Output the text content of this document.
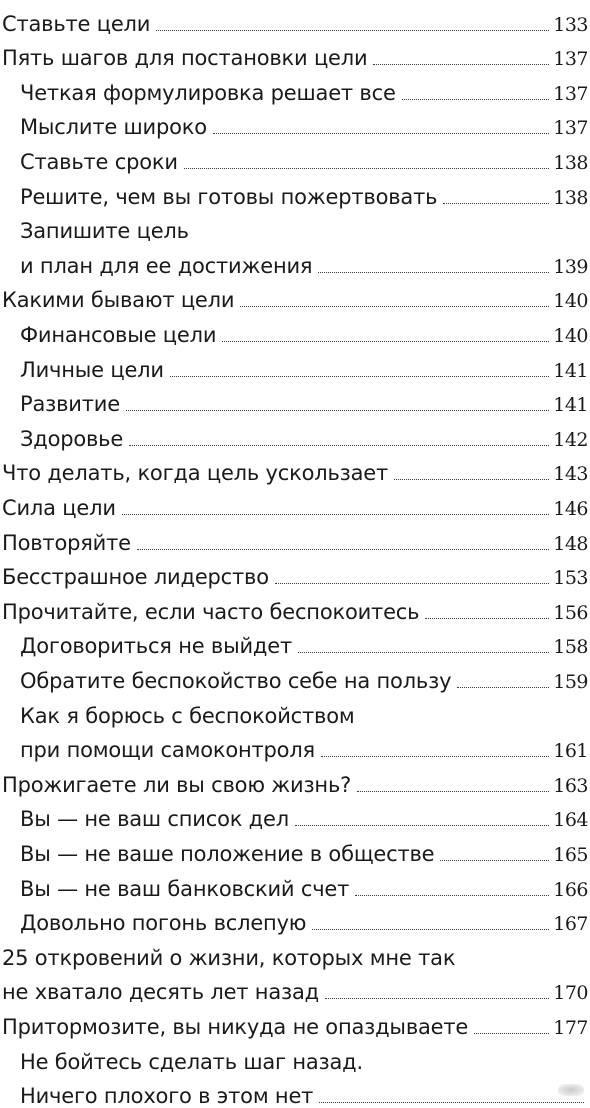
Ставьте цели	133
Пять шагов для постановки цели	137
Четкая формулировка решает все	137
Мыслите широко	137
Ставьте сроки	138
Решите, чем вы готовы пожертвовать	138
Запишите цель
и план для ее достижения	139
Какими бывают цели	140
Финансовые цели	140
Личные цели	141
Развитие	141
Здоровье	142
Что делать, когда цель ускользает	143
Сила цели	146
Повторяйте	148
Бесстрашное лидерство	153
Прочитайте, если часто беспокоитесь	156
Договориться не выйдет	158
Обратите беспокойство себе на пользу	159
Как я борюсь с беспокойством
при помощи самоконтроля	161
Прожигаете ли вы свою жизнь?	163
Вы — не ваш список дел	164
Вы — не ваше положение в обществе	165
Вы — не ваш банковский счет	166
Довольно погонь вслепую	167
25 откровений о жизни, которых мне так
не хватало десять лет назад	170
Притормозите, вы никуда не опаздываете	177
Не бойтесь сделать шаг назад.
Ничего плохого в этом нет
